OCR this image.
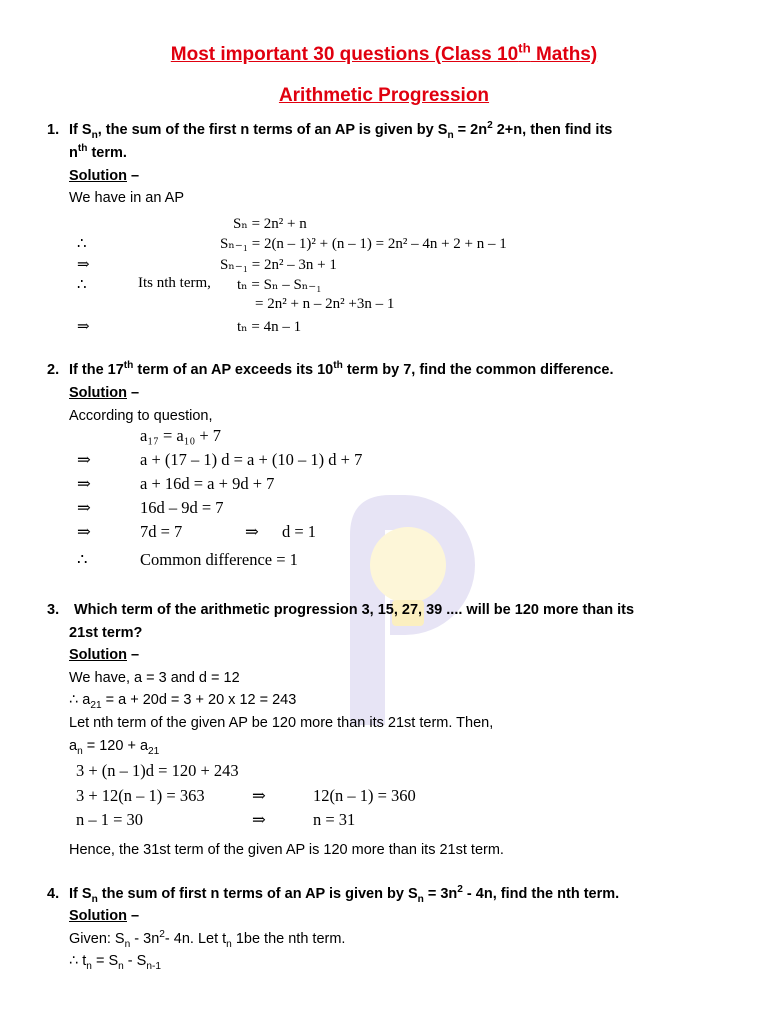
Most important 30 questions (Class 10th Maths)
Arithmetic Progression
1. If $S_n$, the sum of the first n terms of an AP is given by $S_n = 2n^2$ 2+n, then find its
$n^{th}$ term.
Solution –
We have in an AP
Sₙ = 2n² + n
∴	Sₙ₋₁ = 2(n – 1)² + (n – 1) = 2n² – 4n + 2 + n – 1
⇒	Sₙ₋₁ = 2n² – 3n + 1
∴	Its nth term, tₙ = Sₙ – Sₙ₋₁
= 2n² + n – 2n² +3n – 1
⇒	tₙ = 4n – 1
2. If the 17th term of an AP exceeds its 10th term by 7, find the common difference.
Solution –
According to question,
a₁₇ = a₁₀ + 7
⇒	a + (17 – 1) d = a + (10 – 1) d + 7
⇒	a + 16d = a + 9d + 7
⇒	16d – 9d = 7
⇒	7d = 7	⇒ d = 1
∴	Common difference = 1
3. Which term of the arithmetic progression 3, 15, 27, 39 .... will be 120 more than its
21st term?
Solution –
We have, a = 3 and d = 12
∴ $a_{21} = a + 20d = 3 + 20$ x 12 = 243
Let nth term of the given AP be 120 more than its 21st term. Then,
$a_n = 120 + a_{21}$
3 + (n – 1)d = 120 + 243
3 + 12(n – 1) = 363	⇒	12(n – 1) = 360
n – 1 = 30	⇒	n = 31
Hence, the 31st term of the given AP is 120 more than its 21st term.
4. If $S_n$ the sum of first n terms of an AP is given by $S_n = 3n^2 - 4n$, find the nth term.
Solution –
Given: $S_n - 3n^2-$ 4n. Let $t_n$ 1be the nth term.
∴ $t_n = S_n - S_{n-1}$
